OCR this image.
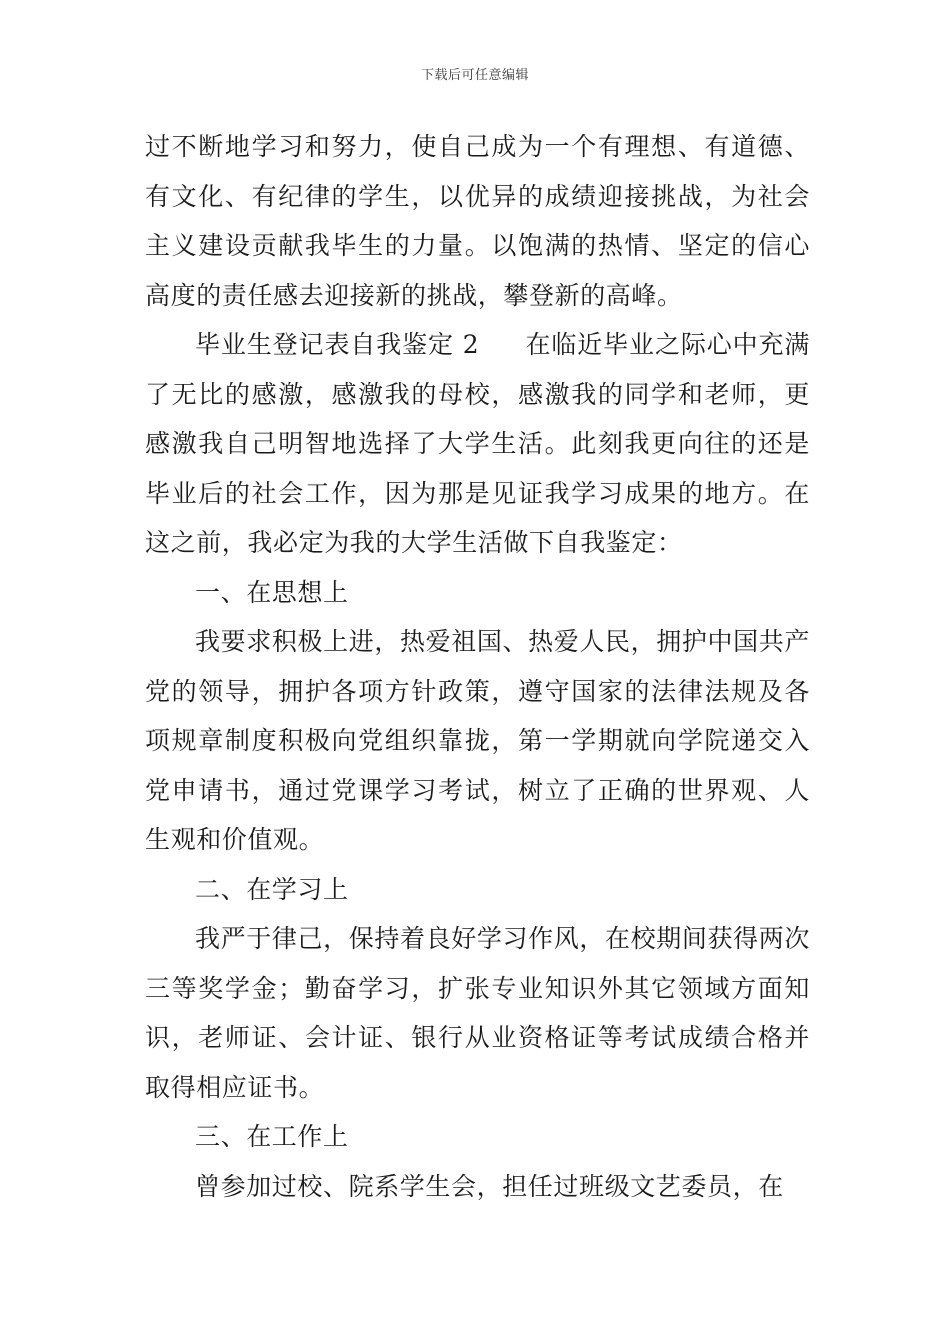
下载后可任意编辑

过不断地学习和努力，使自己成为一个有理想、有道德、有文化、有纪律的学生，以优异的成绩迎接挑战，为社会主义建设贡献我毕生的力量。以饱满的热情、坚定的信心高度的责任感去迎接新的挑战，攀登新的高峰。

毕业生登记表自我鉴定 2 在临近毕业之际心中充满了无比的感激，感激我的母校，感激我的同学和老师，更感激我自己明智地选择了大学生活。此刻我更向往的还是毕业后的社会工作，因为那是见证我学习成果的地方。在这之前，我必定为我的大学生活做下自我鉴定：

一、在思想上

我要求积极上进，热爱祖国、热爱人民，拥护中国共产党的领导，拥护各项方针政策，遵守国家的法律法规及各项规章制度积极向党组织靠拢，第一学期就向学院递交入党申请书，通过党课学习考试，树立了正确的世界观、人生观和价值观。

二、在学习上

我严于律己，保持着良好学习作风，在校期间获得两次三等奖学金；勤奋学习，扩张专业知识外其它领域方面知识，老师证、会计证、银行从业资格证等考试成绩合格并取得相应证书。

三、在工作上

曾参加过校、院系学生会，担任过班级文艺委员，在
